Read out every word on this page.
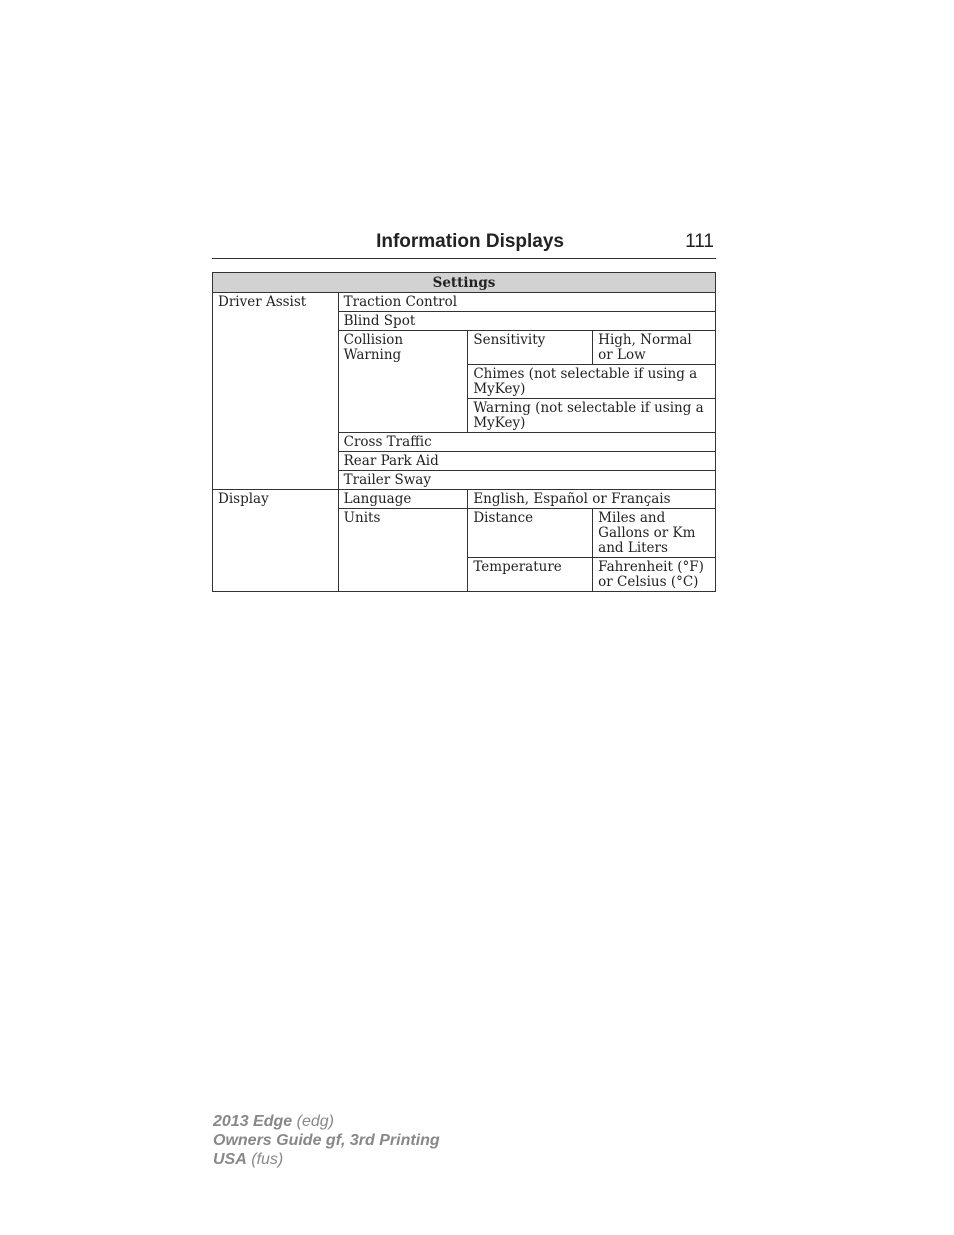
Information Displays	111
Settings			
Driver Assist	Traction Control		
	Blind Spot		
	Collision Warning	Sensitivity	High, Normal or Low
		Chimes (not selectable if using a MyKey)	
		Warning (not selectable if using a MyKey)	
	Cross Traffic		
	Rear Park Aid		
	Trailer Sway		
Display	Language	English, Español or Français	
	Units	Distance	Miles and Gallons or Km and Liters
		Temperature	Fahrenheit (°F) or Celsius (°C)
2013 Edge (edg)
Owners Guide gf, 3rd Printing
USA (fus)
